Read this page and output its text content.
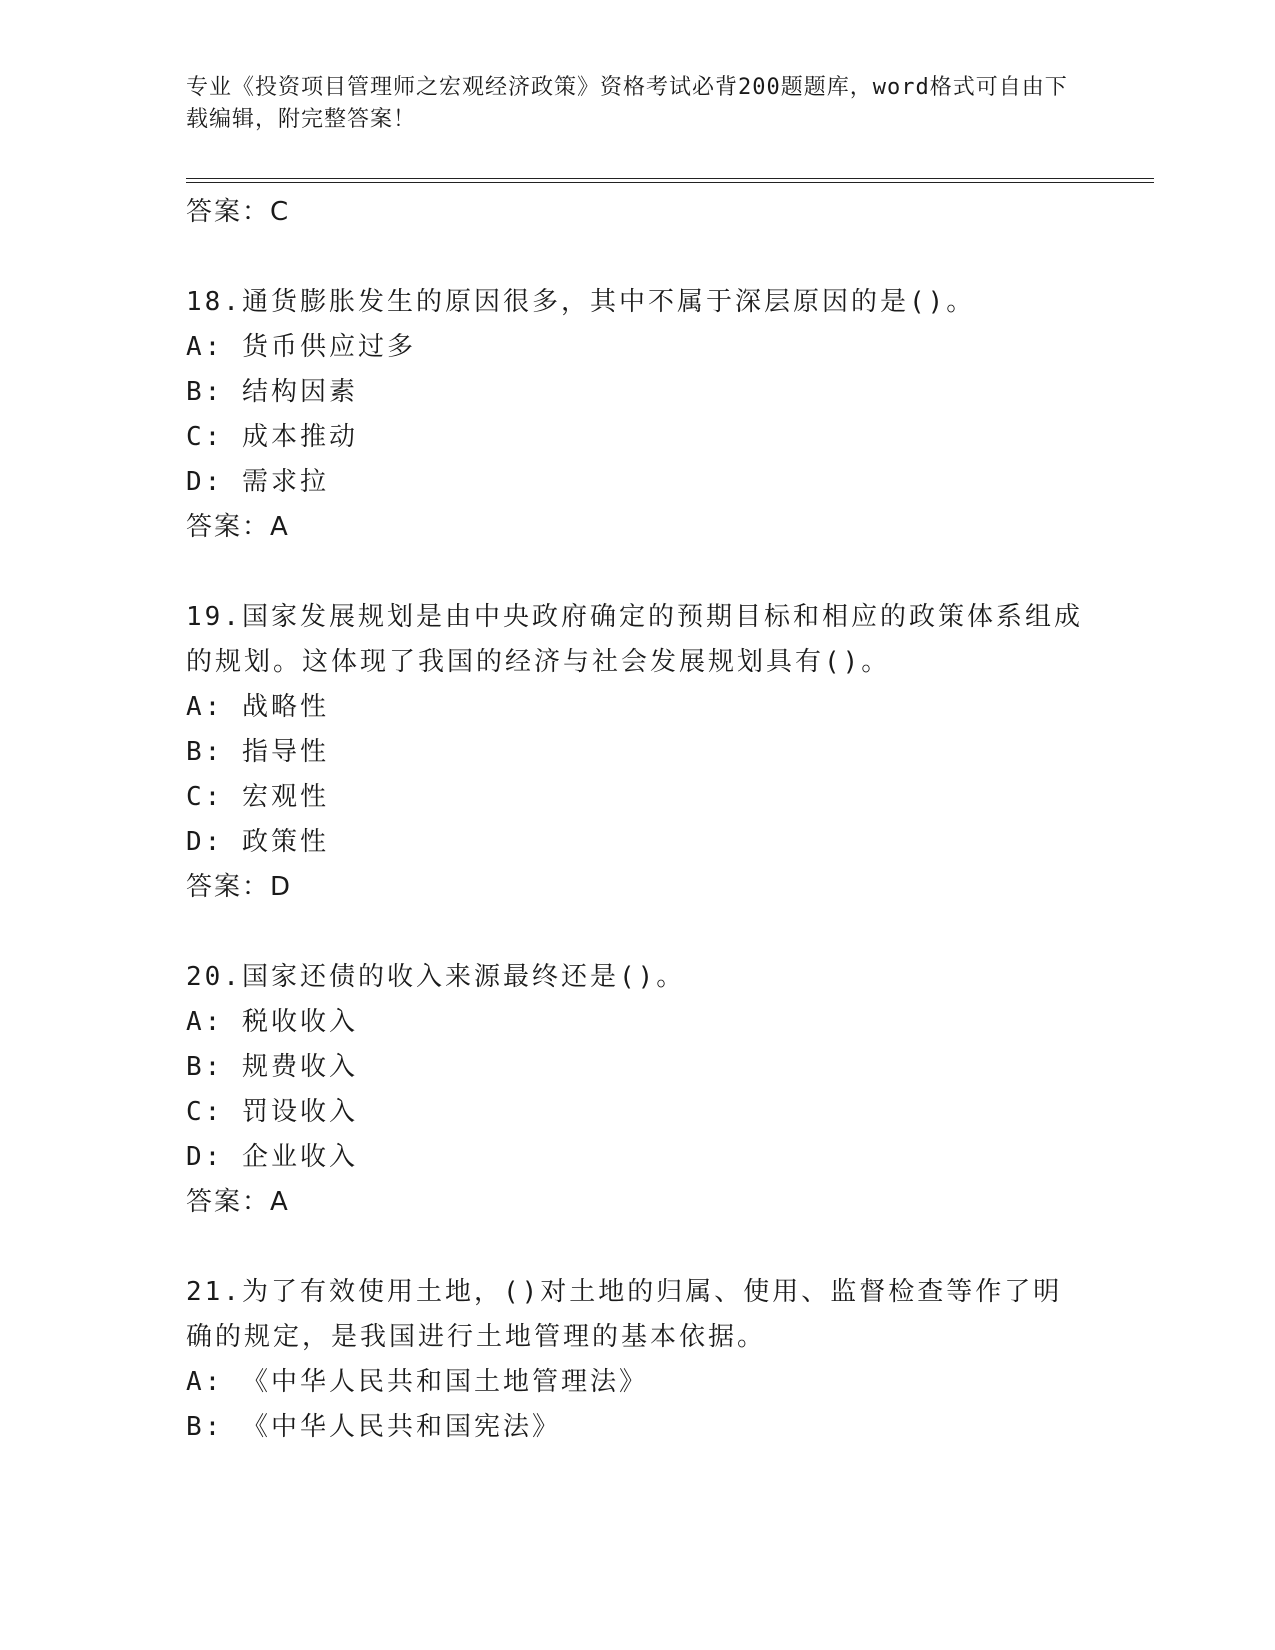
专业《投资项目管理师之宏观经济政策》资格考试必背200题题库，word格式可自由下载编辑，附完整答案！
答案：C
18.通货膨胀发生的原因很多，其中不属于深层原因的是()。
A: 货币供应过多
B: 结构因素
C: 成本推动
D: 需求拉
答案：A
19.国家发展规划是由中央政府确定的预期目标和相应的政策体系组成的规划。这体现了我国的经济与社会发展规划具有()。
A: 战略性
B: 指导性
C: 宏观性
D: 政策性
答案：D
20.国家还债的收入来源最终还是()。
A: 税收收入
B: 规费收入
C: 罚设收入
D: 企业收入
答案：A
21.为了有效使用土地，()对土地的归属、使用、监督检查等作了明确的规定，是我国进行土地管理的基本依据。
A: 《中华人民共和国土地管理法》
B: 《中华人民共和国宪法》
